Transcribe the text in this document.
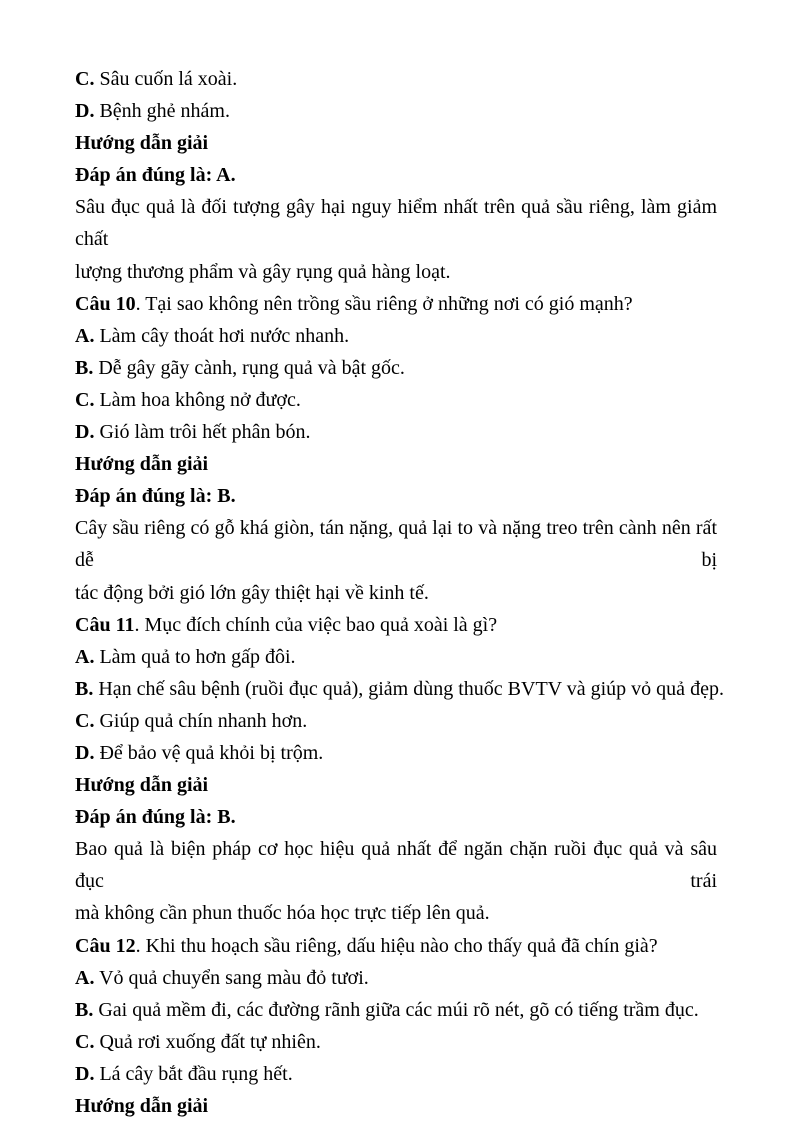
C. Sâu cuốn lá xoài.

D. Bệnh ghẻ nhám.

Hướng dẫn giải

Đáp án đúng là: A.

Sâu đục quả là đối tượng gây hại nguy hiểm nhất trên quả sầu riêng, làm giảm chất

lượng thương phẩm và gây rụng quả hàng loạt.

Câu 10. Tại sao không nên trồng sầu riêng ở những nơi có gió mạnh?

A. Làm cây thoát hơi nước nhanh.

B. Dễ gây gãy cành, rụng quả và bật gốc.

C. Làm hoa không nở được.

D. Gió làm trôi hết phân bón.

Hướng dẫn giải

Đáp án đúng là: B.

Cây sầu riêng có gỗ khá giòn, tán nặng, quả lại to và nặng treo trên cành nên rất dễ bị

tác động bởi gió lớn gây thiệt hại về kinh tế.

Câu 11. Mục đích chính của việc bao quả xoài là gì?

A. Làm quả to hơn gấp đôi.

B. Hạn chế sâu bệnh (ruồi đục quả), giảm dùng thuốc BVTV và giúp vỏ quả đẹp.

C. Giúp quả chín nhanh hơn.

D. Để bảo vệ quả khỏi bị trộm.

Hướng dẫn giải

Đáp án đúng là: B.

Bao quả là biện pháp cơ học hiệu quả nhất để ngăn chặn ruồi đục quả và sâu đục trái

mà không cần phun thuốc hóa học trực tiếp lên quả.

Câu 12. Khi thu hoạch sầu riêng, dấu hiệu nào cho thấy quả đã chín già?

A. Vỏ quả chuyển sang màu đỏ tươi.

B. Gai quả mềm đi, các đường rãnh giữa các múi rõ nét, gõ có tiếng trầm đục.

C. Quả rơi xuống đất tự nhiên.

D. Lá cây bắt đầu rụng hết.

Hướng dẫn giải
